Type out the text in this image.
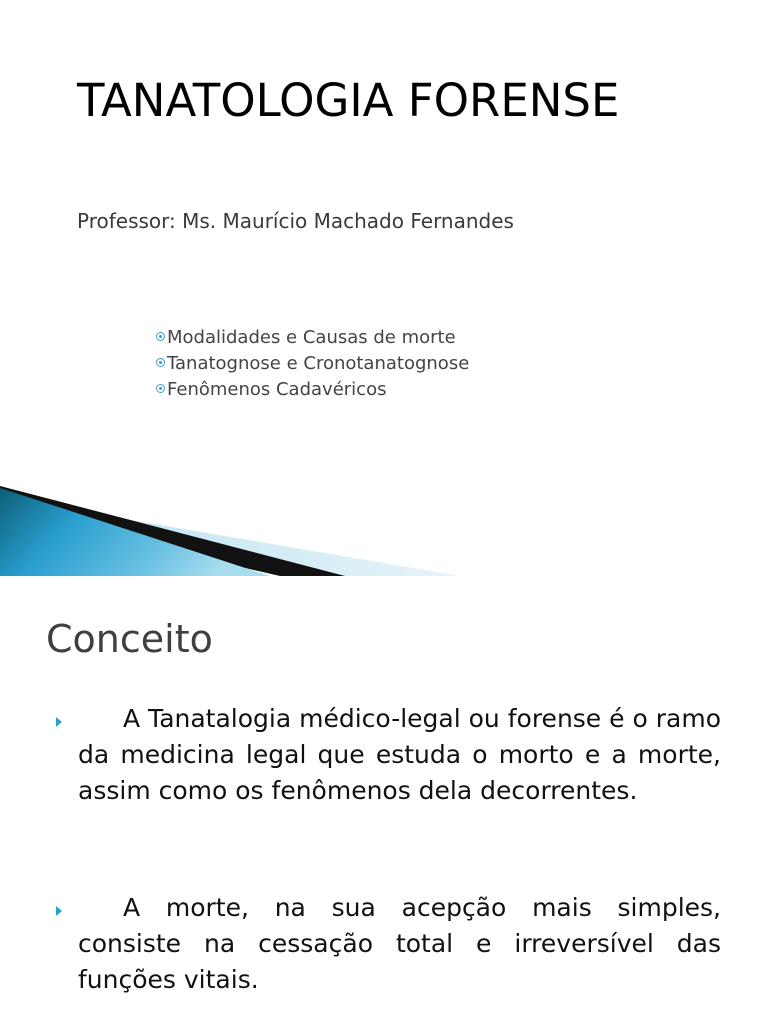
TANATOLOGIA FORENSE

Professor: Ms. Maurício Machado Fernandes

Modalidades e Causas de morte
Tanatognose e Cronotanatognose
Fenômenos Cadavéricos
Conceito

A Tanatalogia médico-legal ou forense é o ramo da medicina legal que estuda o morto e a morte, assim como os fenômenos dela decorrentes.

A morte, na sua acepção mais simples, consiste na cessação total e irreversível das funções vitais.
